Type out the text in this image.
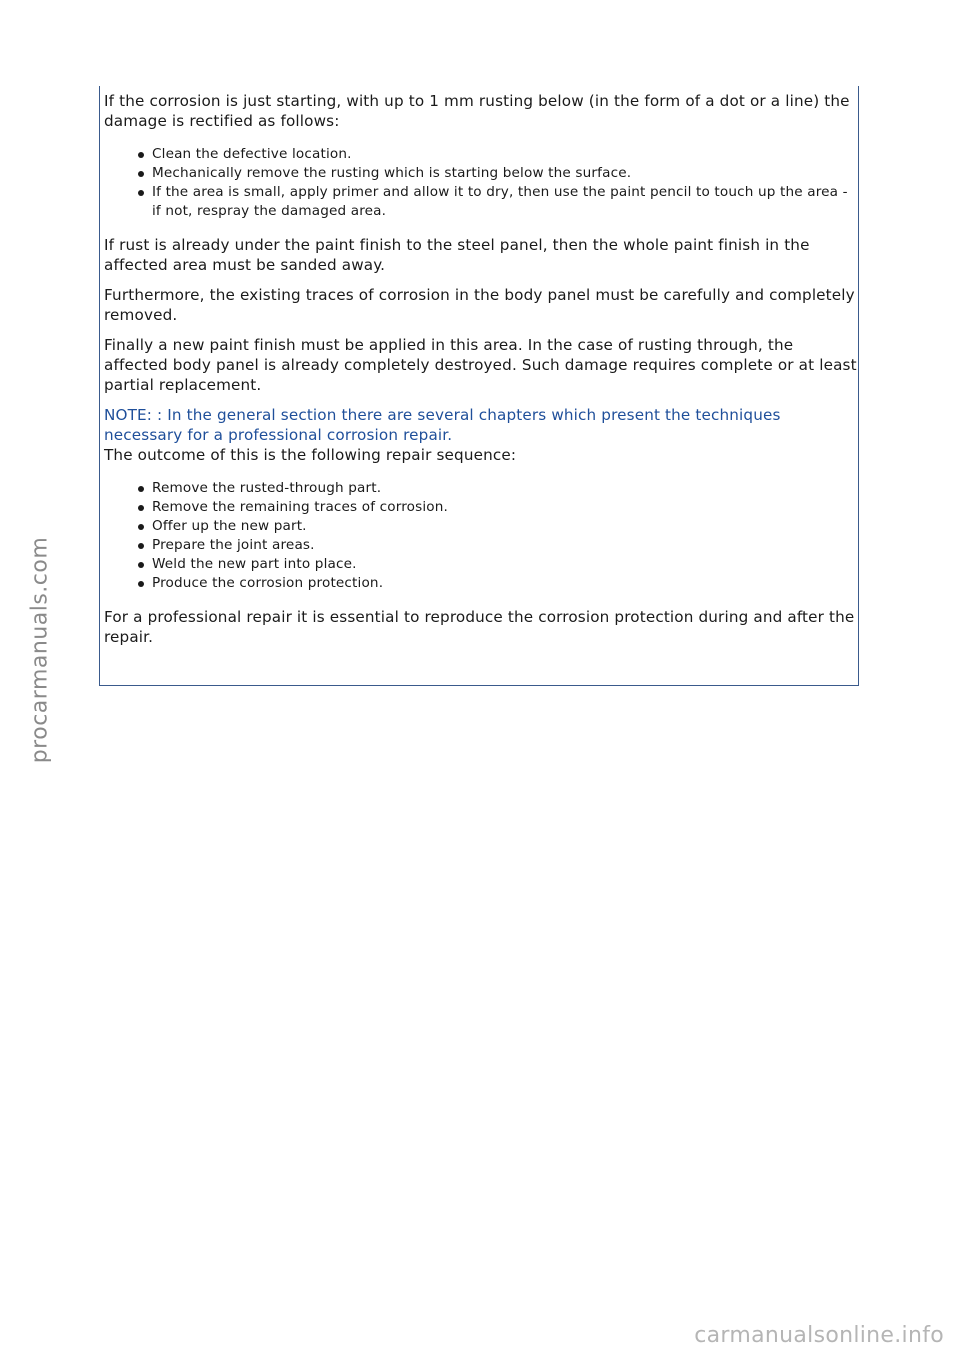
If the corrosion is just starting, with up to 1 mm rusting below (in the form of a dot or a line) the damage is rectified as follows:

Clean the defective location.
Mechanically remove the rusting which is starting below the surface.
If the area is small, apply primer and allow it to dry, then use the paint pencil to touch up the area - if not, respray the damaged area.

If rust is already under the paint finish to the steel panel, then the whole paint finish in the affected area must be sanded away.

Furthermore, the existing traces of corrosion in the body panel must be carefully and completely removed.

Finally a new paint finish must be applied in this area. In the case of rusting through, the affected body panel is already completely destroyed. Such damage requires complete or at least partial replacement.

NOTE: : In the general section there are several chapters which present the techniques necessary for a professional corrosion repair.

The outcome of this is the following repair sequence:

Remove the rusted-through part.
Remove the remaining traces of corrosion.
Offer up the new part.
Prepare the joint areas.
Weld the new part into place.
Produce the corrosion protection.

For a professional repair it is essential to reproduce the corrosion protection during and after the repair.

procarmanuals.com
carmanualsonline.info
